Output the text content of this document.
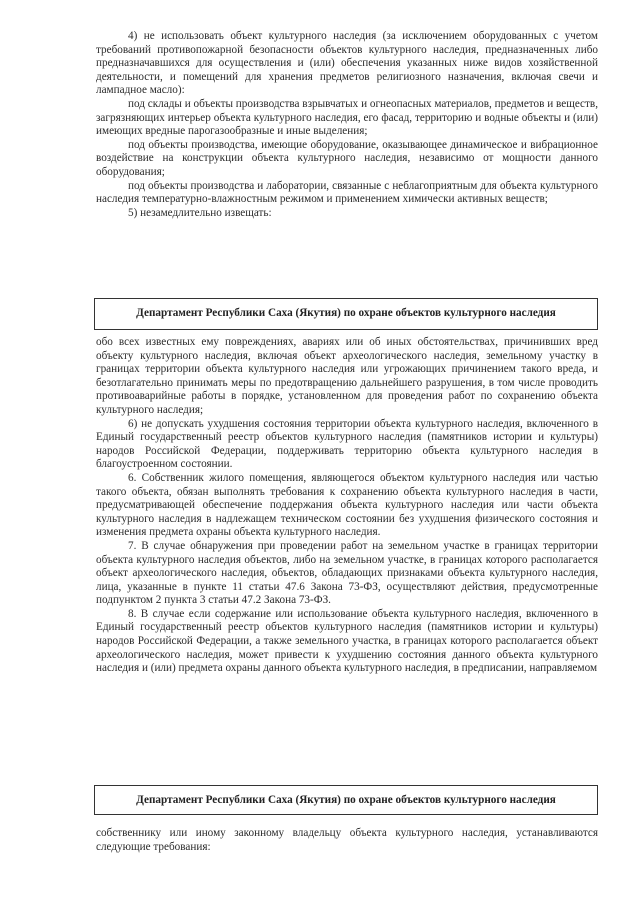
4) не использовать объект культурного наследия (за исключением оборудованных с учетом требований противопожарной безопасности объектов культурного наследия, предназначенных либо предназначавшихся для осуществления и (или) обеспечения указанных ниже видов хозяйственной деятельности, и помещений для хранения предметов религиозного назначения, включая свечи и лампадное масло):

под склады и объекты производства взрывчатых и огнеопасных материалов, предметов и веществ, загрязняющих интерьер объекта культурного наследия, его фасад, территорию и водные объекты и (или) имеющих вредные парогазообразные и иные выделения;

под объекты производства, имеющие оборудование, оказывающее динамическое и вибрационное воздействие на конструкции объекта культурного наследия, независимо от мощности данного оборудования;

под объекты производства и лаборатории, связанные с неблагоприятным для объекта культурного наследия температурно-влажностным режимом и применением химически активных веществ;

5) незамедлительно извещать:

Департамент Республики Саха (Якутия) по охране объектов культурного наследия

обо всех известных ему повреждениях, авариях или об иных обстоятельствах, причинивших вред объекту культурного наследия, включая объект археологического наследия, земельному участку в границах территории объекта культурного наследия или угрожающих причинением такого вреда, и безотлагательно принимать меры по предотвращению дальнейшего разрушения, в том числе проводить противоаварийные работы в порядке, установленном для проведения работ по сохранению объекта культурного наследия;

6) не допускать ухудшения состояния территории объекта культурного наследия, включенного в Единый государственный реестр объектов культурного наследия (памятников истории и культуры) народов Российской Федерации, поддерживать территорию объекта культурного наследия в благоустроенном состоянии.

6. Собственник жилого помещения, являющегося объектом культурного наследия или частью такого объекта, обязан выполнять требования к сохранению объекта культурного наследия в части, предусматривающей обеспечение поддержания объекта культурного наследия или части объекта культурного наследия в надлежащем техническом состоянии без ухудшения физического состояния и изменения предмета охраны объекта культурного наследия.

7. В случае обнаружения при проведении работ на земельном участке в границах территории объекта культурного наследия объектов, либо на земельном участке, в границах которого располагается объект археологического наследия, объектов, обладающих признаками объекта культурного наследия, лица, указанные в пункте 11 статьи 47.6 Закона 73-ФЗ, осуществляют действия, предусмотренные подпунктом 2 пункта 3 статьи 47.2 Закона 73-ФЗ.

8. В случае если содержание или использование объекта культурного наследия, включенного в Единый государственный реестр объектов культурного наследия (памятников истории и культуры) народов Российской Федерации, а также земельного участка, в границах которого располагается объект археологического наследия, может привести к ухудшению состояния данного объекта культурного наследия и (или) предмета охраны данного объекта культурного наследия, в предписании, направляемом

Департамент Республики Саха (Якутия) по охране объектов культурного наследия

собственнику или иному законному владельцу объекта культурного наследия, устанавливаются следующие требования:
